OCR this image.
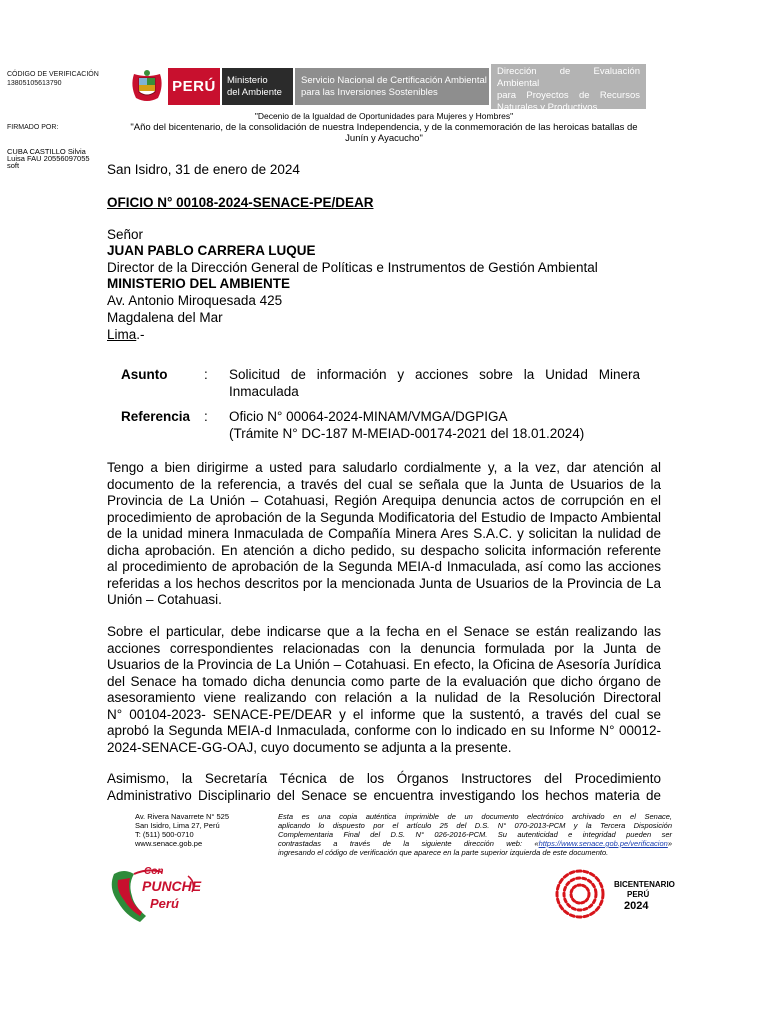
CÓDIGO DE VERIFICACIÓN
13805105613790
FIRMADO POR:
CUBA CASTILLO Silvia
Luisa FAU 20556097055
soft
PERÚ Ministerio
del Ambiente
Servicio Nacional de Certificación Ambiental
para las Inversiones Sostenibles
Dirección de Evaluación Ambiental
para Proyectos de Recursos
Naturales y Productivos
"Decenio de la Igualdad de Oportunidades para Mujeres y Hombres"
"Año del bicentenario, de la consolidación de nuestra Independencia, y de la conmemoración de las heroicas batallas de
Junín y Ayacucho"
San Isidro, 31 de enero de 2024
OFICIO N° 00108-2024-SENACE-PE/DEAR
Señor
JUAN PABLO CARRERA LUQUE
Director de la Dirección General de Políticas e Instrumentos de Gestión Ambiental
MINISTERIO DEL AMBIENTE
Av. Antonio Miroquesada 425
Magdalena del Mar
Lima.-
Asunto	: Solicitud de información y acciones sobre la Unidad Minera
Inmaculada
Referencia : Oficio N° 00064-2024-MINAM/VMGA/DGPIGA
(Trámite N° DC-187 M-MEIAD-00174-2021 del 18.01.2024)
Tengo a bien dirigirme a usted para saludarlo cordialmente y, a la vez, dar atención al
documento de la referencia, a través del cual se señala que la Junta de Usuarios de la
Provincia de La Unión – Cotahuasi, Región Arequipa denuncia actos de corrupción en el
procedimiento de aprobación de la Segunda Modificatoria del Estudio de Impacto Ambiental
de la unidad minera Inmaculada de Compañía Minera Ares S.A.C. y solicitan la nulidad de
dicha aprobación. En atención a dicho pedido, su despacho solicita información referente
al procedimiento de aprobación de la Segunda MEIA-d Inmaculada, así como las acciones
referidas a los hechos descritos por la mencionada Junta de Usuarios de la Provincia de La
Unión – Cotahuasi.
Sobre el particular, debe indicarse que a la fecha en el Senace se están realizando las
acciones correspondientes relacionadas con la denuncia formulada por la Junta de
Usuarios de la Provincia de La Unión – Cotahuasi. En efecto, la Oficina de Asesoría Jurídica
del Senace ha tomado dicha denuncia como parte de la evaluación que dicho órgano de
asesoramiento viene realizando con relación a la nulidad de la Resolución Directoral
N° 00104-2023- SENACE-PE/DEAR y el informe que la sustentó, a través del cual se
aprobó la Segunda MEIA-d Inmaculada, conforme con lo indicado en su Informe N° 00012-
2024-SENACE-GG-OAJ, cuyo documento se adjunta a la presente.
Asimismo, la Secretaría Técnica de los Órganos Instructores del Procedimiento
Administrativo Disciplinario del Senace se encuentra investigando los hechos materia de
Av. Rivera Navarrete N° 525
San Isidro, Lima 27, Perú
T: (511) 500-0710
www.senace.gob.pe
Esta es una copia auténtica imprimible de un documento electrónico archivado en el Senace,
aplicando lo dispuesto por el artículo 25 del D.S. N° 070-2013-PCM y la Tercera Disposición
Complementaria Final del D.S. N° 026-2016-PCM. Su autenticidad e integridad pueden ser
contrastadas a través de la siguiente dirección web: «https://www.senace.gob.pe/verificacion»
ingresando el código de verificación que aparece en la parte superior izquierda de este documento.
Con
PUNCHE
Perú
BICENTENARIO
PERÚ
2024
